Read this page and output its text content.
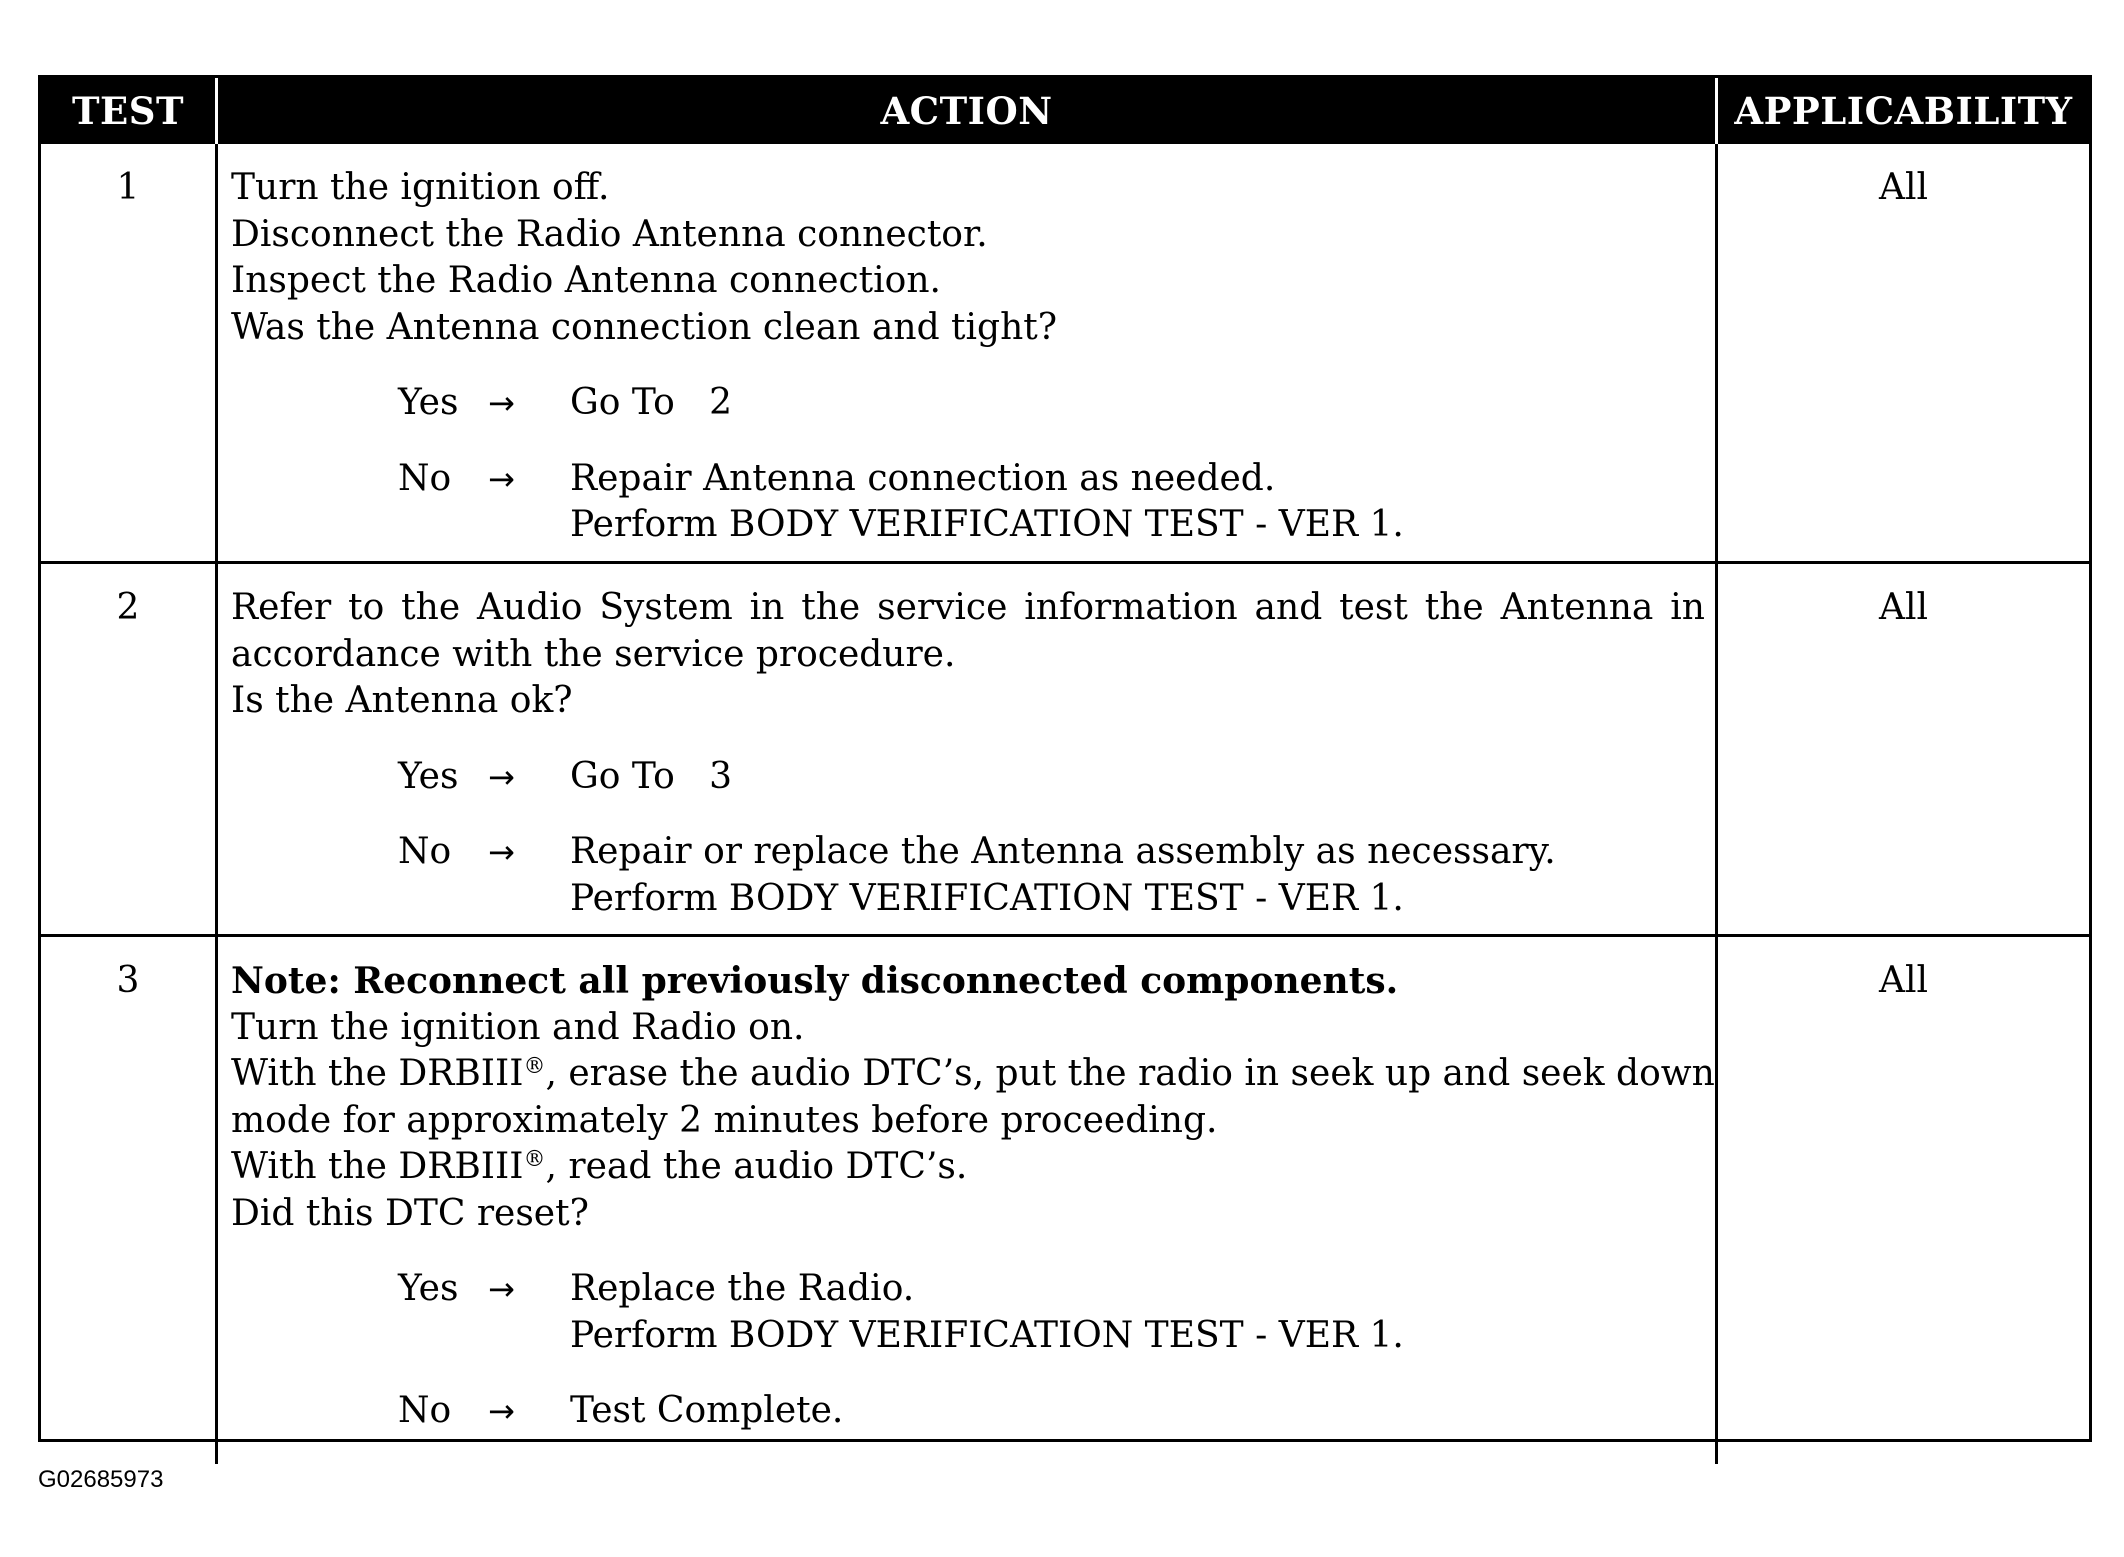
TEST	ACTION	APPLICABILITY
1	Turn the ignition off.
Disconnect the Radio Antenna connector.
Inspect the Radio Antenna connection.
Was the Antenna connection clean and tight?
Yes →	Go To   2
No	→	Repair Antenna connection as needed.
Perform BODY VERIFICATION TEST - VER 1.
All
2	Refer to the Audio System in the service information and test the Antenna in
accordance with the service procedure.
Is the Antenna ok?
Yes →	Go To   3
No	→	Repair or replace the Antenna assembly as necessary.
Perform BODY VERIFICATION TEST - VER 1.
All
3	Note: Reconnect all previously disconnected components.
Turn the ignition and Radio on.
With the DRBIII®, erase the audio DTC’s, put the radio in seek up and seek down
mode for approximately 2 minutes before proceeding.
With the DRBIII®, read the audio DTC’s.
Did this DTC reset?
Yes →	Replace the Radio.
Perform BODY VERIFICATION TEST - VER 1.
No	→	Test Complete.
All
G02685973
